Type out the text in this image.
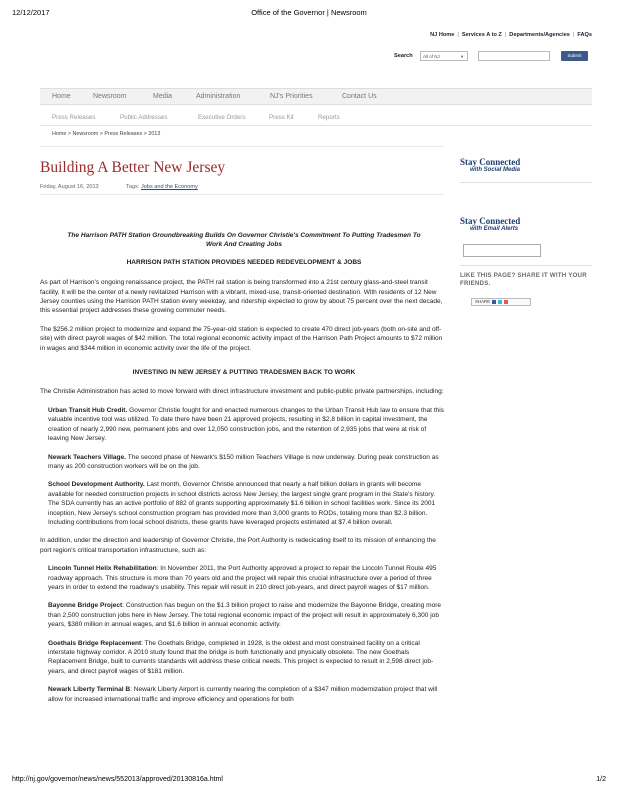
12/12/2017	Office of the Governor | Newsroom
NJ Home | Services A to Z | Departments/Agencies | FAQs
Search	All of NJ	▼	Submit
Home	Newsroom	Media	Administration	NJ's Priorities	Contact Us
Press Releases	Public Addresses	Executive Orders	Press Kit	Reports
Home > Newsroom > Press Releases > 2013
Building A Better New Jersey
Friday, August 16, 2013	Tags: Jobs and the Economy
Stay Connected
with Social Media
Stay Connected
with Email Alerts
LIKE THIS PAGE? SHARE IT WITH YOUR FRIENDS.
SHARE

The Harrison PATH Station Groundbreaking Builds On Governor Christie's Commitment To Putting Tradesmen To Work And Creating Jobs

HARRISON PATH STATION PROVIDES NEEDED REDEVELOPMENT & JOBS

As part of Harrison's ongoing renaissance project, the PATH rail station is being transformed into a 21st century glass-and-steel transit facility. It will be the center of a newly revitalized Harrison with a vibrant, mixed-use, transit-oriented destination. With residents of 12 New Jersey counties using the Harrison PATH station every weekday, and ridership expected to grow by about 75 percent over the next decade, this essential project addresses these growing commuter needs.

The $256.2 million project to modernize and expand the 75-year-old station is expected to create 470 direct job-years (both on-site and off-site) with direct payroll wages of $42 million. The total regional economic activity impact of the Harrison Path Project amounts to $72 million in wages and $344 million in economic activity over the life of the project.

INVESTING IN NEW JERSEY & PUTTING TRADESMEN BACK TO WORK

The Christie Administration has acted to move forward with direct infrastructure investment and public-public private partnerships, including:

Urban Transit Hub Credit. Governor Christie fought for and enacted numerous changes to the Urban Transit Hub law to ensure that this valuable incentive tool was utilized. To date there have been 21 approved projects, resulting in $2.8 billion in capital investment, the creation of nearly 2,990 new, permanent jobs and over 12,050 construction jobs, and the retention of 2,935 jobs that were at risk of leaving New Jersey.

Newark Teachers Village. The second phase of Newark's $150 million Teachers Village is now underway. During peak construction as many as 200 construction workers will be on the job.

School Development Authority. Last month, Governor Christie announced that nearly a half billion dollars in grants will become available for needed construction projects in school districts across New Jersey, the largest single grant program in the State's history. The SDA currently has an active portfolio of 882 of grants supporting approximately $1.6 billion in school facilities work. Since its 2001 inception, New Jersey's school construction program has provided more than 3,000 grants to RODs, totaling more than $2.3 billion. Including contributions from local school districts, these grants have leveraged projects estimated at $7.4 billion overall.

In addition, under the direction and leadership of Governor Christie, the Port Authority is redecicating itself to its mission of enhancing the port region's critical transportation infrastructure, such as:

Lincoln Tunnel Helix Rehabilitation: In November 2011, the Port Authority approved a project to repair the Lincoln Tunnel Route 495 roadway approach. This structure is more than 70 years old and the project will repair this crucial infrastructure over a period of three years in order to extend the roadway's usability. This repair will result in 210 direct job-years, and direct payroll wages of $17 million.

Bayonne Bridge Project: Construction has begun on the $1.3 billion project to raise and modernize the Bayonne Bridge, creating more than 2,500 construction jobs here in New Jersey. The total regional economic impact of the project will result in approximately 6,300 job years, $380 million in annual wages, and $1.6 billion in annual economic activity.

Goethals Bridge Replacement: The Goethals Bridge, completed in 1928, is the oldest and most constrained facility on a critical interstate highway corridor. A 2010 study found that the bridge is both functionally and physically obsolete. The new Goethals Replacement Bridge, built to currents standards will address these critical needs. This project is expected to result in 2,598 direct job-years, and direct payroll wages of $181 million.

Newark Liberty Terminal B: Newark Liberty Airport is currently nearing the completion of a $347 million modernization project that will allow for increased international traffic and improve efficiency and operations for both

http://nj.gov/governor/news/news/552013/approved/20130816a.html	1/2
